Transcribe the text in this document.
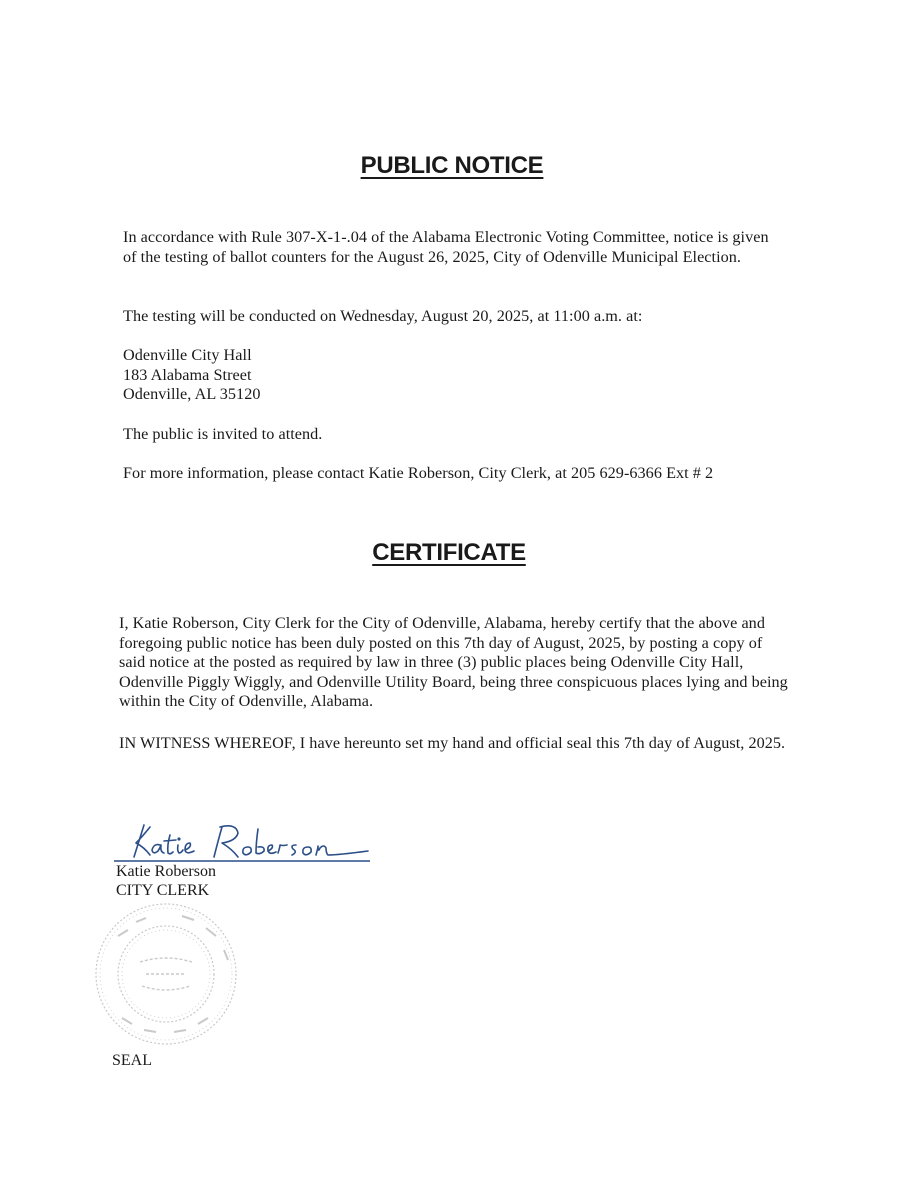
PUBLIC NOTICE

In accordance with Rule 307-X-1-.04 of the Alabama Electronic Voting Committee, notice is given of the testing of ballot counters for the August 26, 2025, City of Odenville Municipal Election.

The testing will be conducted on Wednesday, August 20, 2025, at 11:00 a.m. at:

Odenville City Hall
183 Alabama Street
Odenville, AL 35120

The public is invited to attend.

For more information, please contact Katie Roberson, City Clerk, at 205 629-6366 Ext # 2

CERTIFICATE

I, Katie Roberson, City Clerk for the City of Odenville, Alabama, hereby certify that the above and foregoing public notice has been duly posted on this 7th day of August, 2025, by posting a copy of said notice at the posted as required by law in three (3) public places being Odenville City Hall, Odenville Piggly Wiggly, and Odenville Utility Board, being three conspicuous places lying and being within the City of Odenville, Alabama.

IN WITNESS WHEREOF, I have hereunto set my hand and official seal this 7th day of August, 2025.

Katie Roberson

CITY CLERK

SEAL
